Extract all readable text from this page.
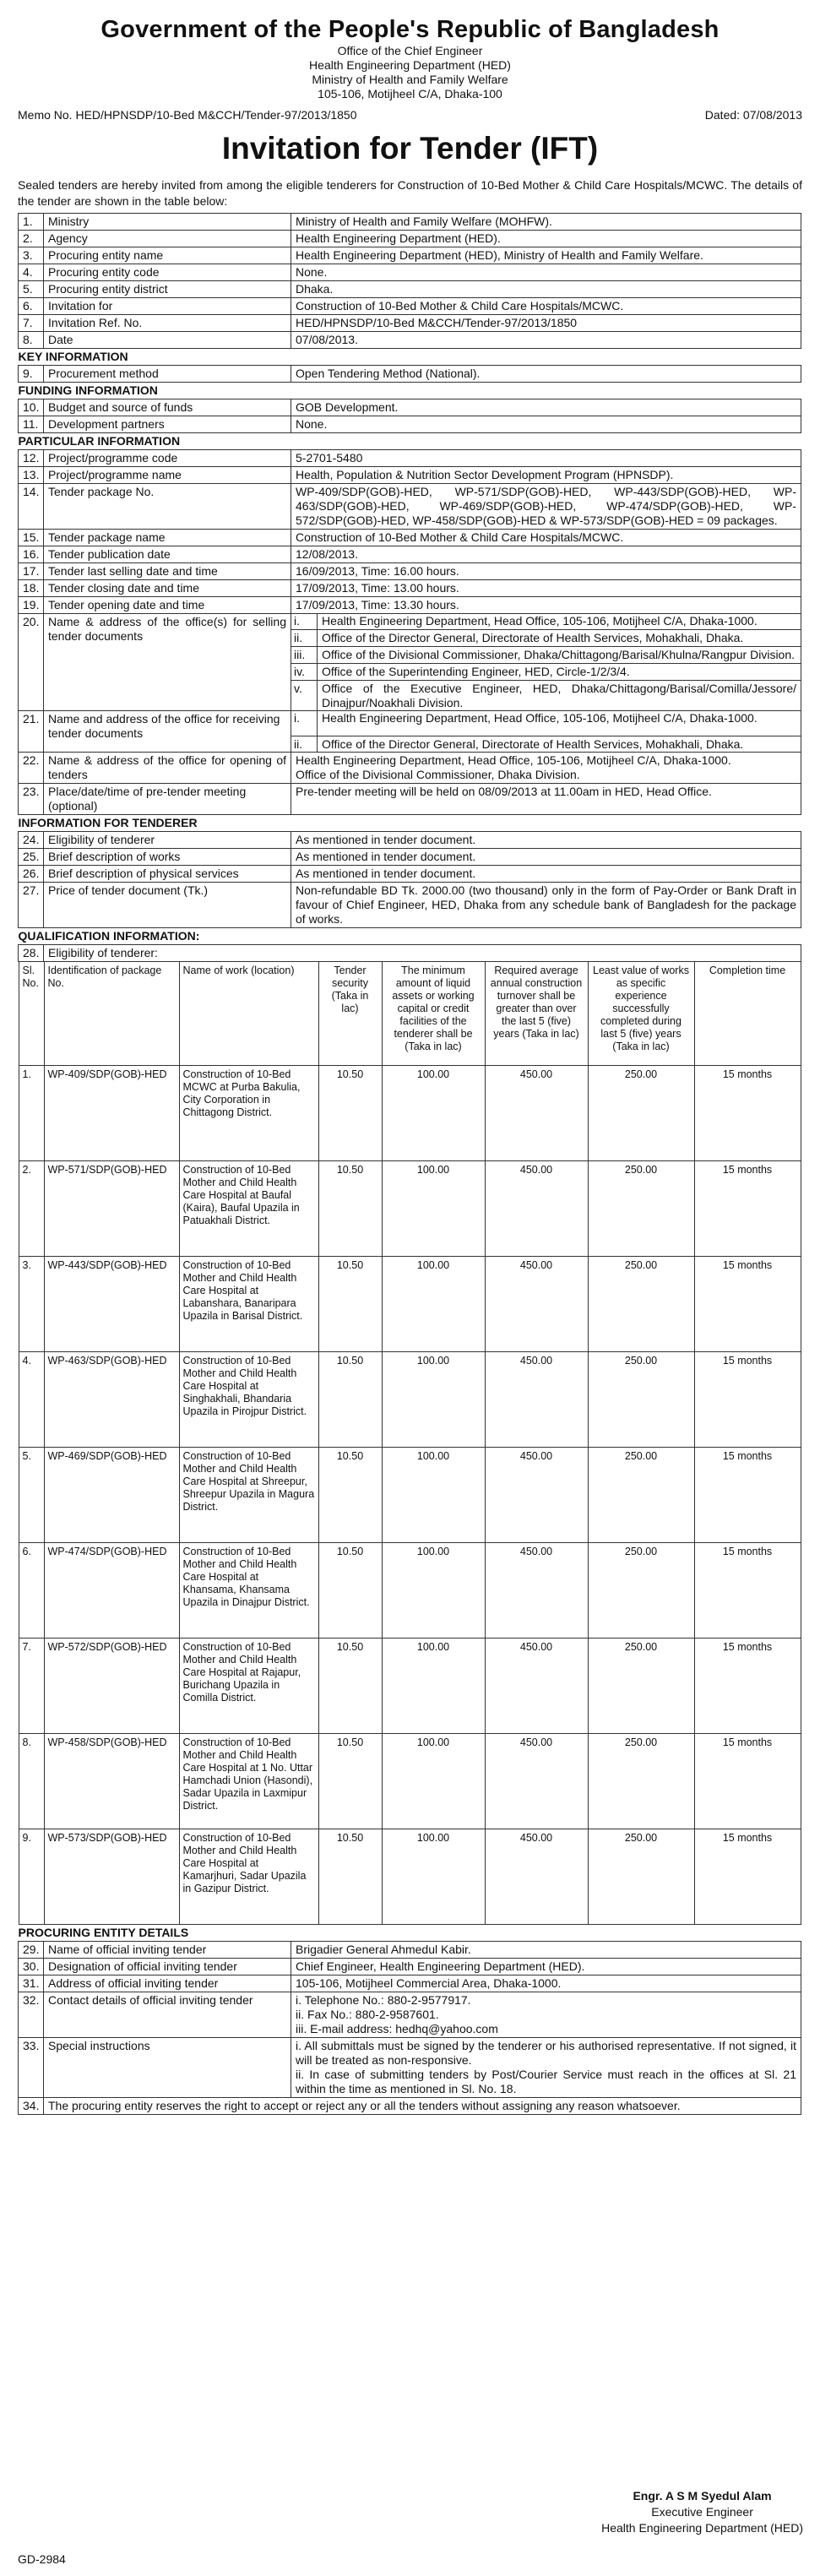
Government of the People's Republic of Bangladesh
Office of the Chief Engineer
Health Engineering Department (HED)
Ministry of Health and Family Welfare
105-106, Motijheel C/A, Dhaka-100
Memo No. HED/HPNSDP/10-Bed M&CCH/Tender-97/2013/1850	Dated: 07/08/2013
Invitation for Tender (IFT)
Sealed tenders are hereby invited from among the eligible tenderers for Construction of 10-Bed Mother & Child Care Hospitals/MCWC. The details of the tender are shown in the table below:
1.	Ministry	Ministry of Health and Family Welfare (MOHFW).
2.	Agency	Health Engineering Department (HED).
3.	Procuring entity name	Health Engineering Department (HED), Ministry of Health and Family Welfare.
4.	Procuring entity code	None.
5.	Procuring entity district	Dhaka.
6.	Invitation for	Construction of 10-Bed Mother & Child Care Hospitals/MCWC.
7.	Invitation Ref. No.	HED/HPNSDP/10-Bed M&CCH/Tender-97/2013/1850
8.	Date	07/08/2013.
KEY INFORMATION
9.	Procurement method	Open Tendering Method (National).
FUNDING INFORMATION
10.	Budget and source of funds	GOB Development.
11.	Development partners	None.
PARTICULAR INFORMATION
12.	Project/programme code	5-2701-5480
13.	Project/programme name	Health, Population & Nutrition Sector Development Program (HPNSDP).
14.	Tender package No.	WP-409/SDP(GOB)-HED, WP-571/SDP(GOB)-HED, WP-443/SDP(GOB)-HED, WP-463/SDP(GOB)-HED, WP-469/SDP(GOB)-HED, WP-474/SDP(GOB)-HED, WP-572/SDP(GOB)-HED, WP-458/SDP(GOB)-HED & WP-573/SDP(GOB)-HED = 09 packages.
15.	Tender package name	Construction of 10-Bed Mother & Child Care Hospitals/MCWC.
16.	Tender publication date	12/08/2013.
17.	Tender last selling date and time	16/09/2013, Time: 16.00 hours.
18.	Tender closing date and time	17/09/2013, Time: 13.00 hours.
19.	Tender opening date and time	17/09/2013, Time: 13.30 hours.
20.	Name & address of the office(s) for selling tender documents	
i.	Health Engineering Department, Head Office, 105-106, Motijheel C/A, Dhaka-1000.
ii.	Office of the Director General, Directorate of Health Services, Mohakhali, Dhaka.
iii.	Office of the Divisional Commissioner, Dhaka/Chittagong/Barisal/Khulna/Rangpur Division.
iv.	Office of the Superintending Engineer, HED, Circle-1/2/3/4.
v.	Office of the Executive Engineer, HED, Dhaka/Chittagong/Barisal/Comilla/Jessore/ Dinajpur/Noakhali Division.

21.	Name and address of the office for receiving tender documents	
i.	Health Engineering Department, Head Office, 105-106, Motijheel C/A, Dhaka-1000.
ii.	Office of the Director General, Directorate of Health Services, Mohakhali, Dhaka.

22.	Name & address of the office for opening of tenders	
Health Engineering Department, Head Office, 105-106, Motijheel C/A, Dhaka-1000.
Office of the Divisional Commissioner, Dhaka Division.

23.	Place/date/time of pre-tender meeting (optional)	Pre-tender meeting will be held on 08/09/2013 at 11.00am in HED, Head Office.
INFORMATION FOR TENDERER
24.	Eligibility of tenderer	As mentioned in tender document.
25.	Brief description of works	As mentioned in tender document.
26.	Brief description of physical services	As mentioned in tender document.
27.	Price of tender document (Tk.)	Non-refundable BD Tk. 2000.00 (two thousand) only in the form of Pay-Order or Bank Draft in favour of Chief Engineer, HED, Dhaka from any schedule bank of Bangladesh for the package of works.
QUALIFICATION INFORMATION:
28.	Eligibility of tenderer:

Sl. No.	Identification of package No.	Name of work (location)	Tender security (Taka in lac)	The minimum amount of liquid assets or working capital or credit facilities of the tenderer shall be (Taka in lac)	Required average annual construction turnover shall be greater than over the last 5 (five) years (Taka in lac)	Least value of works as specific experience successfully completed during last 5 (five) years (Taka in lac)	Completion time
1.	WP-409/SDP(GOB)-HED	Construction of 10-Bed MCWC at Purba Bakulia, City Corporation in Chittagong District.	10.50	100.00	450.00	250.00	15 months
2.	WP-571/SDP(GOB)-HED	Construction of 10-Bed Mother and Child Health Care Hospital at Baufal (Kaira), Baufal Upazila in Patuakhali District.	10.50	100.00	450.00	250.00	15 months
3.	WP-443/SDP(GOB)-HED	Construction of 10-Bed Mother and Child Health Care Hospital at Labanshara, Banaripara Upazila in Barisal District.	10.50	100.00	450.00	250.00	15 months
4.	WP-463/SDP(GOB)-HED	Construction of 10-Bed Mother and Child Health Care Hospital at Singhakhali, Bhandaria Upazila in Pirojpur District.	10.50	100.00	450.00	250.00	15 months
5.	WP-469/SDP(GOB)-HED	Construction of 10-Bed Mother and Child Health Care Hospital at Shreepur, Shreepur Upazila in Magura District.	10.50	100.00	450.00	250.00	15 months
6.	WP-474/SDP(GOB)-HED	Construction of 10-Bed Mother and Child Health Care Hospital at Khansama, Khansama Upazila in Dinajpur District.	10.50	100.00	450.00	250.00	15 months
7.	WP-572/SDP(GOB)-HED	Construction of 10-Bed Mother and Child Health Care Hospital at Rajapur, Burichang Upazila in Comilla District.	10.50	100.00	450.00	250.00	15 months
8.	WP-458/SDP(GOB)-HED	Construction of 10-Bed Mother and Child Health Care Hospital at 1 No. Uttar Hamchadi Union (Hasondi), Sadar Upazila in Laxmipur District.	10.50	100.00	450.00	250.00	15 months
9.	WP-573/SDP(GOB)-HED	Construction of 10-Bed Mother and Child Health Care Hospital at Kamarjhuri, Sadar Upazila in Gazipur District.	10.50	100.00	450.00	250.00	15 months

PROCURING ENTITY DETAILS
29.	Name of official inviting tender	Brigadier General Ahmedul Kabir.
30.	Designation of official inviting tender	Chief Engineer, Health Engineering Department (HED).
31.	Address of official inviting tender	105-106, Motijheel Commercial Area, Dhaka-1000.
32.	Contact details of official inviting tender	i. Telephone No.: 880-2-9577917.
ii. Fax No.: 880-2-9587601.
iii. E-mail address: hedhq@yahoo.com

33.	Special instructions	i. All submittals must be signed by the tenderer or his authorised representative. If not signed, it will be treated as non-responsive.
ii. In case of submitting tenders by Post/Courier Service must reach in the offices at Sl. 21 within the time as mentioned in Sl. No. 18.

34.	The procuring entity reserves the right to accept or reject any or all the tenders without assigning any reason whatsoever.
Engr. A S M Syedul Alam
Executive Engineer
Health Engineering Department (HED)
GD-2984
